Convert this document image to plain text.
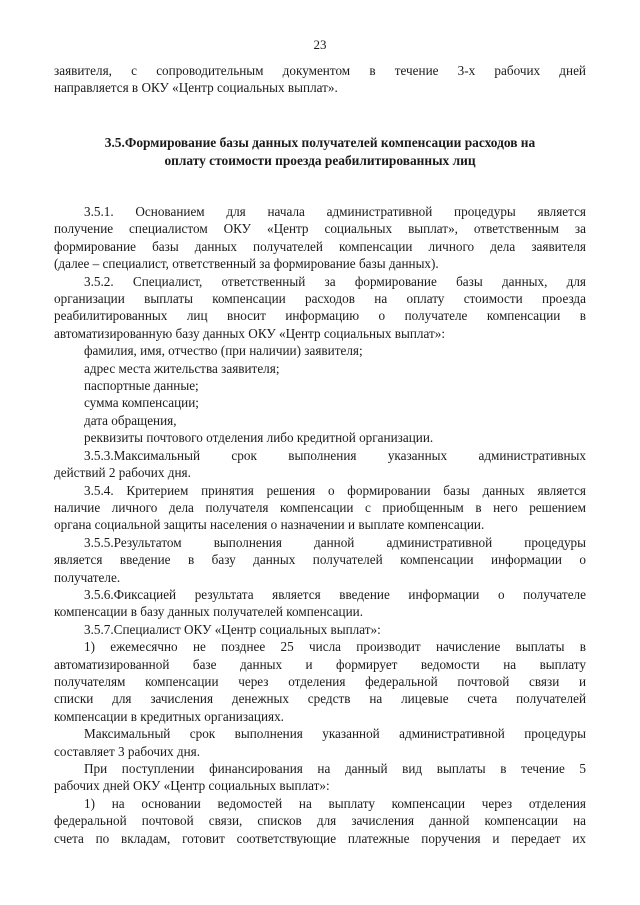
23
заявителя, с сопроводительным документом в течение 3-х рабочих дней
направляется в ОКУ «Центр социальных выплат».
3.5.Формирование базы данных получателей компенсации расходов на
оплату стоимости проезда реабилитированных лиц
3.5.1. Основанием для начала административной процедуры является
получение специалистом ОКУ «Центр социальных выплат», ответственным за
формирование базы данных получателей компенсации личного дела заявителя
(далее – специалист, ответственный за формирование базы данных).
3.5.2. Специалист, ответственный за формирование базы данных, для
организации выплаты компенсации расходов на оплату стоимости проезда
реабилитированных лиц вносит информацию о получателе компенсации в
автоматизированную базу данных ОКУ «Центр социальных выплат»:
фамилия, имя, отчество (при наличии) заявителя;
адрес места жительства заявителя;
паспортные данные;
сумма компенсации;
дата обращения,
реквизиты почтового отделения либо кредитной организации.
3.5.3.Максимальный срок выполнения указанных административных
действий 2 рабочих дня.
3.5.4. Критерием принятия решения о формировании базы данных является
наличие личного дела получателя компенсации с приобщенным в него решением
органа социальной защиты населения о назначении и выплате компенсации.
3.5.5.Результатом выполнения данной административной процедуры
является введение в базу данных получателей компенсации информации о
получателе.
3.5.6.Фиксацией результата является введение информации о получателе
компенсации в базу данных получателей компенсации.
3.5.7.Специалист ОКУ «Центр социальных выплат»:
1) ежемесячно не позднее 25 числа производит начисление выплаты в
автоматизированной базе данных и формирует ведомости на выплату
получателям компенсации через отделения федеральной почтовой связи и
списки для зачисления денежных средств на лицевые счета получателей
компенсации в кредитных организациях.
Максимальный срок выполнения указанной административной процедуры
составляет 3 рабочих дня.
При поступлении финансирования на данный вид выплаты в течение 5
рабочих дней ОКУ «Центр социальных выплат»:
1) на основании ведомостей на выплату компенсации через отделения
федеральной почтовой связи, списков для зачисления данной компенсации на
счета по вкладам, готовит соответствующие платежные поручения и передает их
